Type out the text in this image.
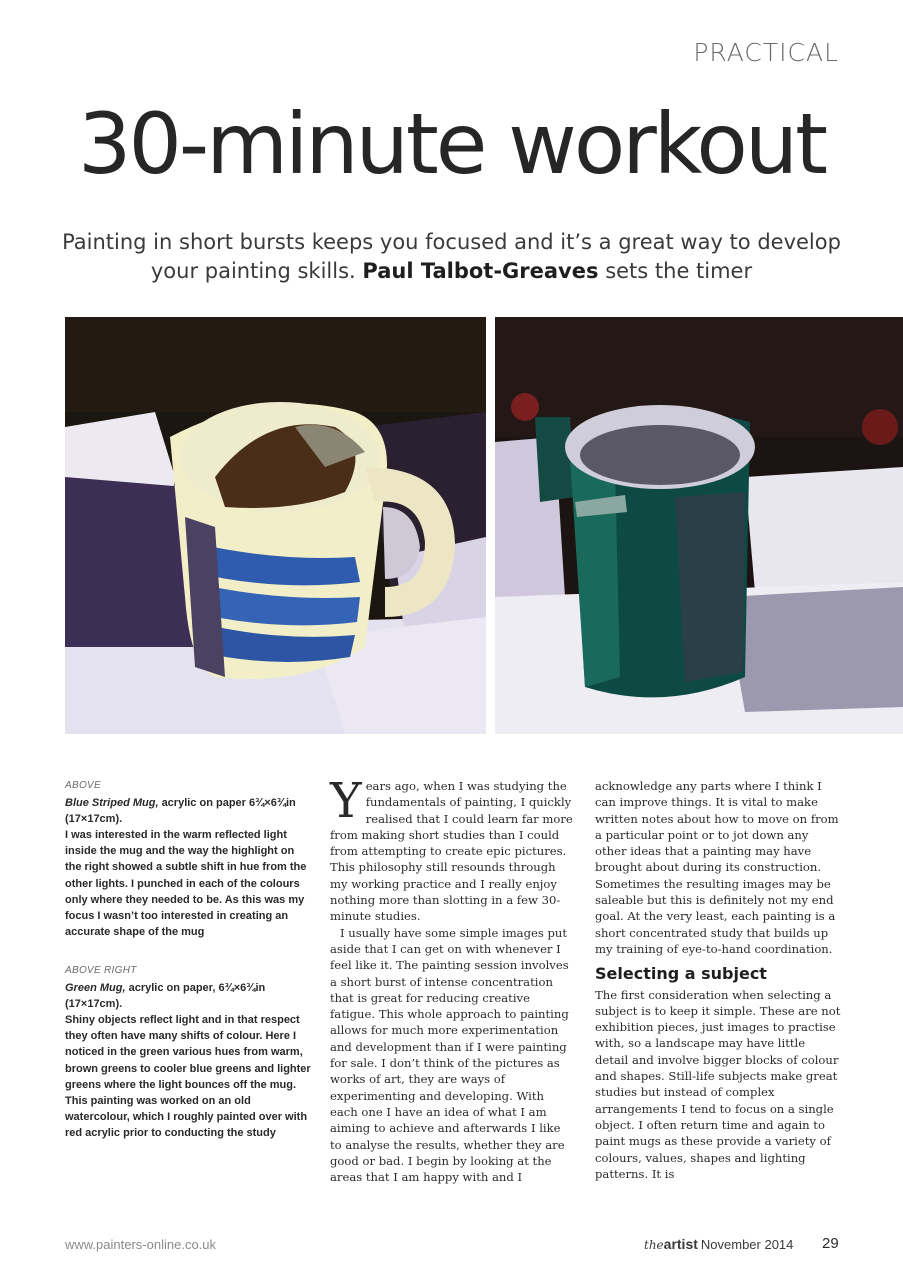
PRACTICAL
30-minute workout
Painting in short bursts keeps you focused and it’s a great way to develop your painting skills. Paul Talbot-Greaves sets the timer
ABOVE
Blue Striped Mug, acrylic on paper 6¾×6¾in (17×17cm).
I was interested in the warm reflected light inside the mug and the way the highlight on the right showed a subtle shift in hue from the other lights. I punched in each of the colours only where they needed to be. As this was my focus I wasn’t too interested in creating an accurate shape of the mug
ABOVE RIGHT
Green Mug, acrylic on paper, 6¾×6¾in (17×17cm).
Shiny objects reflect light and in that respect they often have many shifts of colour. Here I noticed in the green various hues from warm, brown greens to cooler blue greens and lighter greens where the light bounces off the mug. This painting was worked on an old watercolour, which I roughly painted over with red acrylic prior to conducting the study

Years ago, when I was studying the fundamentals of painting, I quickly realised that I could learn far more from making short studies than I could from attempting to create epic pictures. This philosophy still resounds through my working practice and I really enjoy nothing more than slotting in a few 30-minute studies.

I usually have some simple images put aside that I can get on with whenever I feel like it. The painting session involves a short burst of intense concentration that is great for reducing creative fatigue. This whole approach to painting allows for much more experimentation and development than if I were painting for sale. I don’t think of the pictures as works of art, they are ways of experimenting and developing. With each one I have an idea of what I am aiming to achieve and afterwards I like to analyse the results, whether they are good or bad. I begin by looking at the areas that I am happy with and I

acknowledge any parts where I think I can improve things. It is vital to make written notes about how to move on from a particular point or to jot down any other ideas that a painting may have brought about during its construction. Sometimes the resulting images may be saleable but this is definitely not my end goal. At the very least, each painting is a short concentrated study that builds up my training of eye-to-hand coordination.

Selecting a subject

The first consideration when selecting a subject is to keep it simple. These are not exhibition pieces, just images to practise with, so a landscape may have little detail and involve bigger blocks of colour and shapes. Still-life subjects make great studies but instead of complex arrangements I tend to focus on a single object. I often return time and again to paint mugs as these provide a variety of colours, values, shapes and lighting patterns. It is

www.painters-online.co.uk	theartist November 2014 29
